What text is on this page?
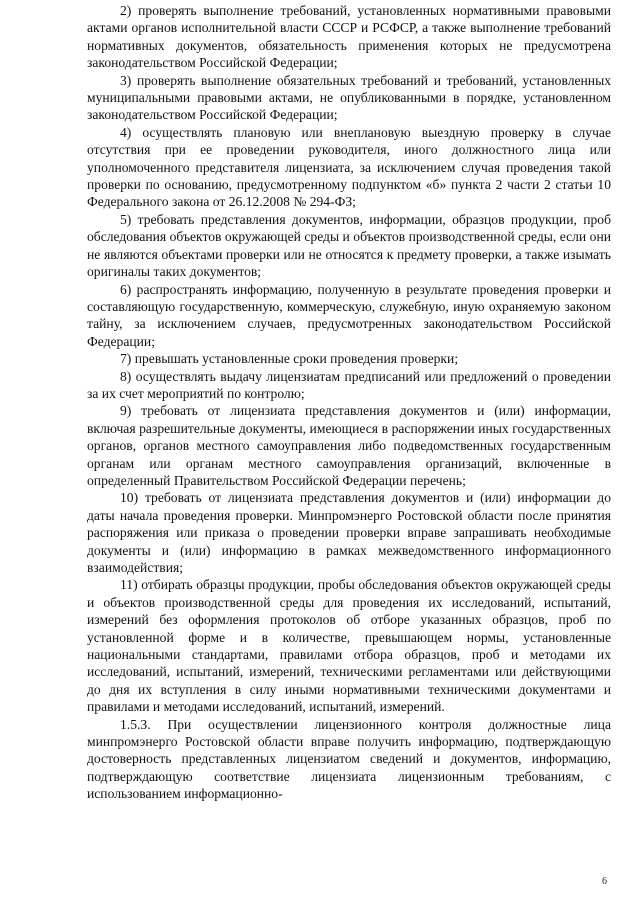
2) проверять выполнение требований, установленных нормативными правовыми актами органов исполнительной власти СССР и РСФСР, а также выполнение требований нормативных документов, обязательность применения которых не предусмотрена законодательством Российской Федерации;

3) проверять выполнение обязательных требований и требований, установленных муниципальными правовыми актами, не опубликованными в порядке, установленном законодательством Российской Федерации;

4) осуществлять плановую или внеплановую выездную проверку в случае отсутствия при ее проведении руководителя, иного должностного лица или уполномоченного представителя лицензиата, за исключением случая проведения такой проверки по основанию, предусмотренному подпунктом «б» пункта 2 части 2 статьи 10 Федерального закона от 26.12.2008 № 294-ФЗ;

5) требовать представления документов, информации, образцов продукции, проб обследования объектов окружающей среды и объектов производственной среды, если они не являются объектами проверки или не относятся к предмету проверки, а также изымать оригиналы таких документов;

6) распространять информацию, полученную в результате проведения проверки и составляющую государственную, коммерческую, служебную, иную охраняемую законом тайну, за исключением случаев, предусмотренных законодательством Российской Федерации;

7) превышать установленные сроки проведения проверки;

8) осуществлять выдачу лицензиатам предписаний или предложений о проведении за их счет мероприятий по контролю;

9) требовать от лицензиата представления документов и (или) информации, включая разрешительные документы, имеющиеся в распоряжении иных государственных органов, органов местного самоуправления либо подведомственных государственным органам или органам местного самоуправления организаций, включенные в определенный Правительством Российской Федерации перечень;

10) требовать от лицензиата представления документов и (или) информации до даты начала проведения проверки. Минпромэнерго Ростовской области после принятия распоряжения или приказа о проведении проверки вправе запрашивать необходимые документы и (или) информацию в рамках межведомственного информационного взаимодействия;

11) отбирать образцы продукции, пробы обследования объектов окружающей среды и объектов производственной среды для проведения их исследований, испытаний, измерений без оформления протоколов об отборе указанных образцов, проб по установленной форме и в количестве, превышающем нормы, установленные национальными стандартами, правилами отбора образцов, проб и методами их исследований, испытаний, измерений, техническими регламентами или действующими до дня их вступления в силу иными нормативными техническими документами и правилами и методами исследований, испытаний, измерений.

1.5.3. При осуществлении лицензионного контроля должностные лица минпромэнерго Ростовской области вправе получить информацию, подтверждающую достоверность представленных лицензиатом сведений и документов, информацию, подтверждающую соответствие лицензиата лицензионным требованиям, с использованием информационно-

6
